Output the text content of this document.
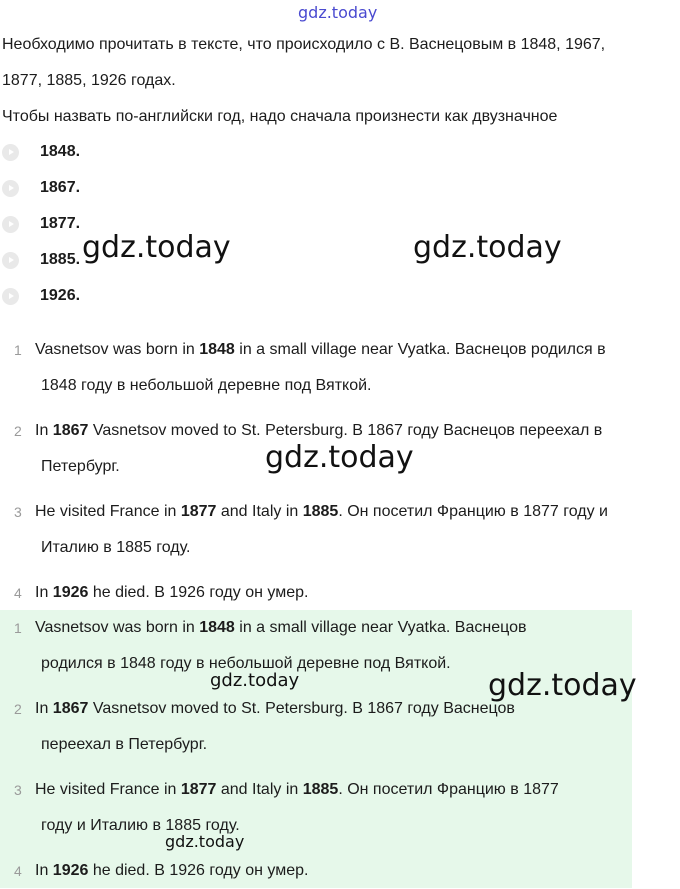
gdz.today

Необходимо прочитать в тексте, что происходило с В. Васнецовым в 1848, 1967,

1877, 1885, 1926 годах.

Чтобы назвать по-английски год, надо сначала произнести как двузначное

1848.
1867.
1877.
1885.
1926.
1 Vasnetsov was born in 1848 in a small village near Vyatka. Васнецов родился в
1848 году в небольшой деревне под Вяткой.
2 In 1867 Vasnetsov moved to St. Petersburg. В 1867 году Васнецов переехал в
Петербург.
3 He visited France in 1877 and Italy in 1885. Он посетил Францию в 1877 году и
Италию в 1885 году.
4 In 1926 he died. В 1926 году он умер.
1 Vasnetsov was born in 1848 in a small village near Vyatka. Васнецов
родился в 1848 году в небольшой деревне под Вяткой.
2 In 1867 Vasnetsov moved to St. Petersburg. В 1867 году Васнецов
переехал в Петербург.
3 He visited France in 1877 and Italy in 1885. Он посетил Францию в 1877
году и Италию в 1885 году.
4 In 1926 he died. В 1926 году он умер.
gdz.today	gdz.today
gdz.today
gdz.today	gdz.today
gdz.today
